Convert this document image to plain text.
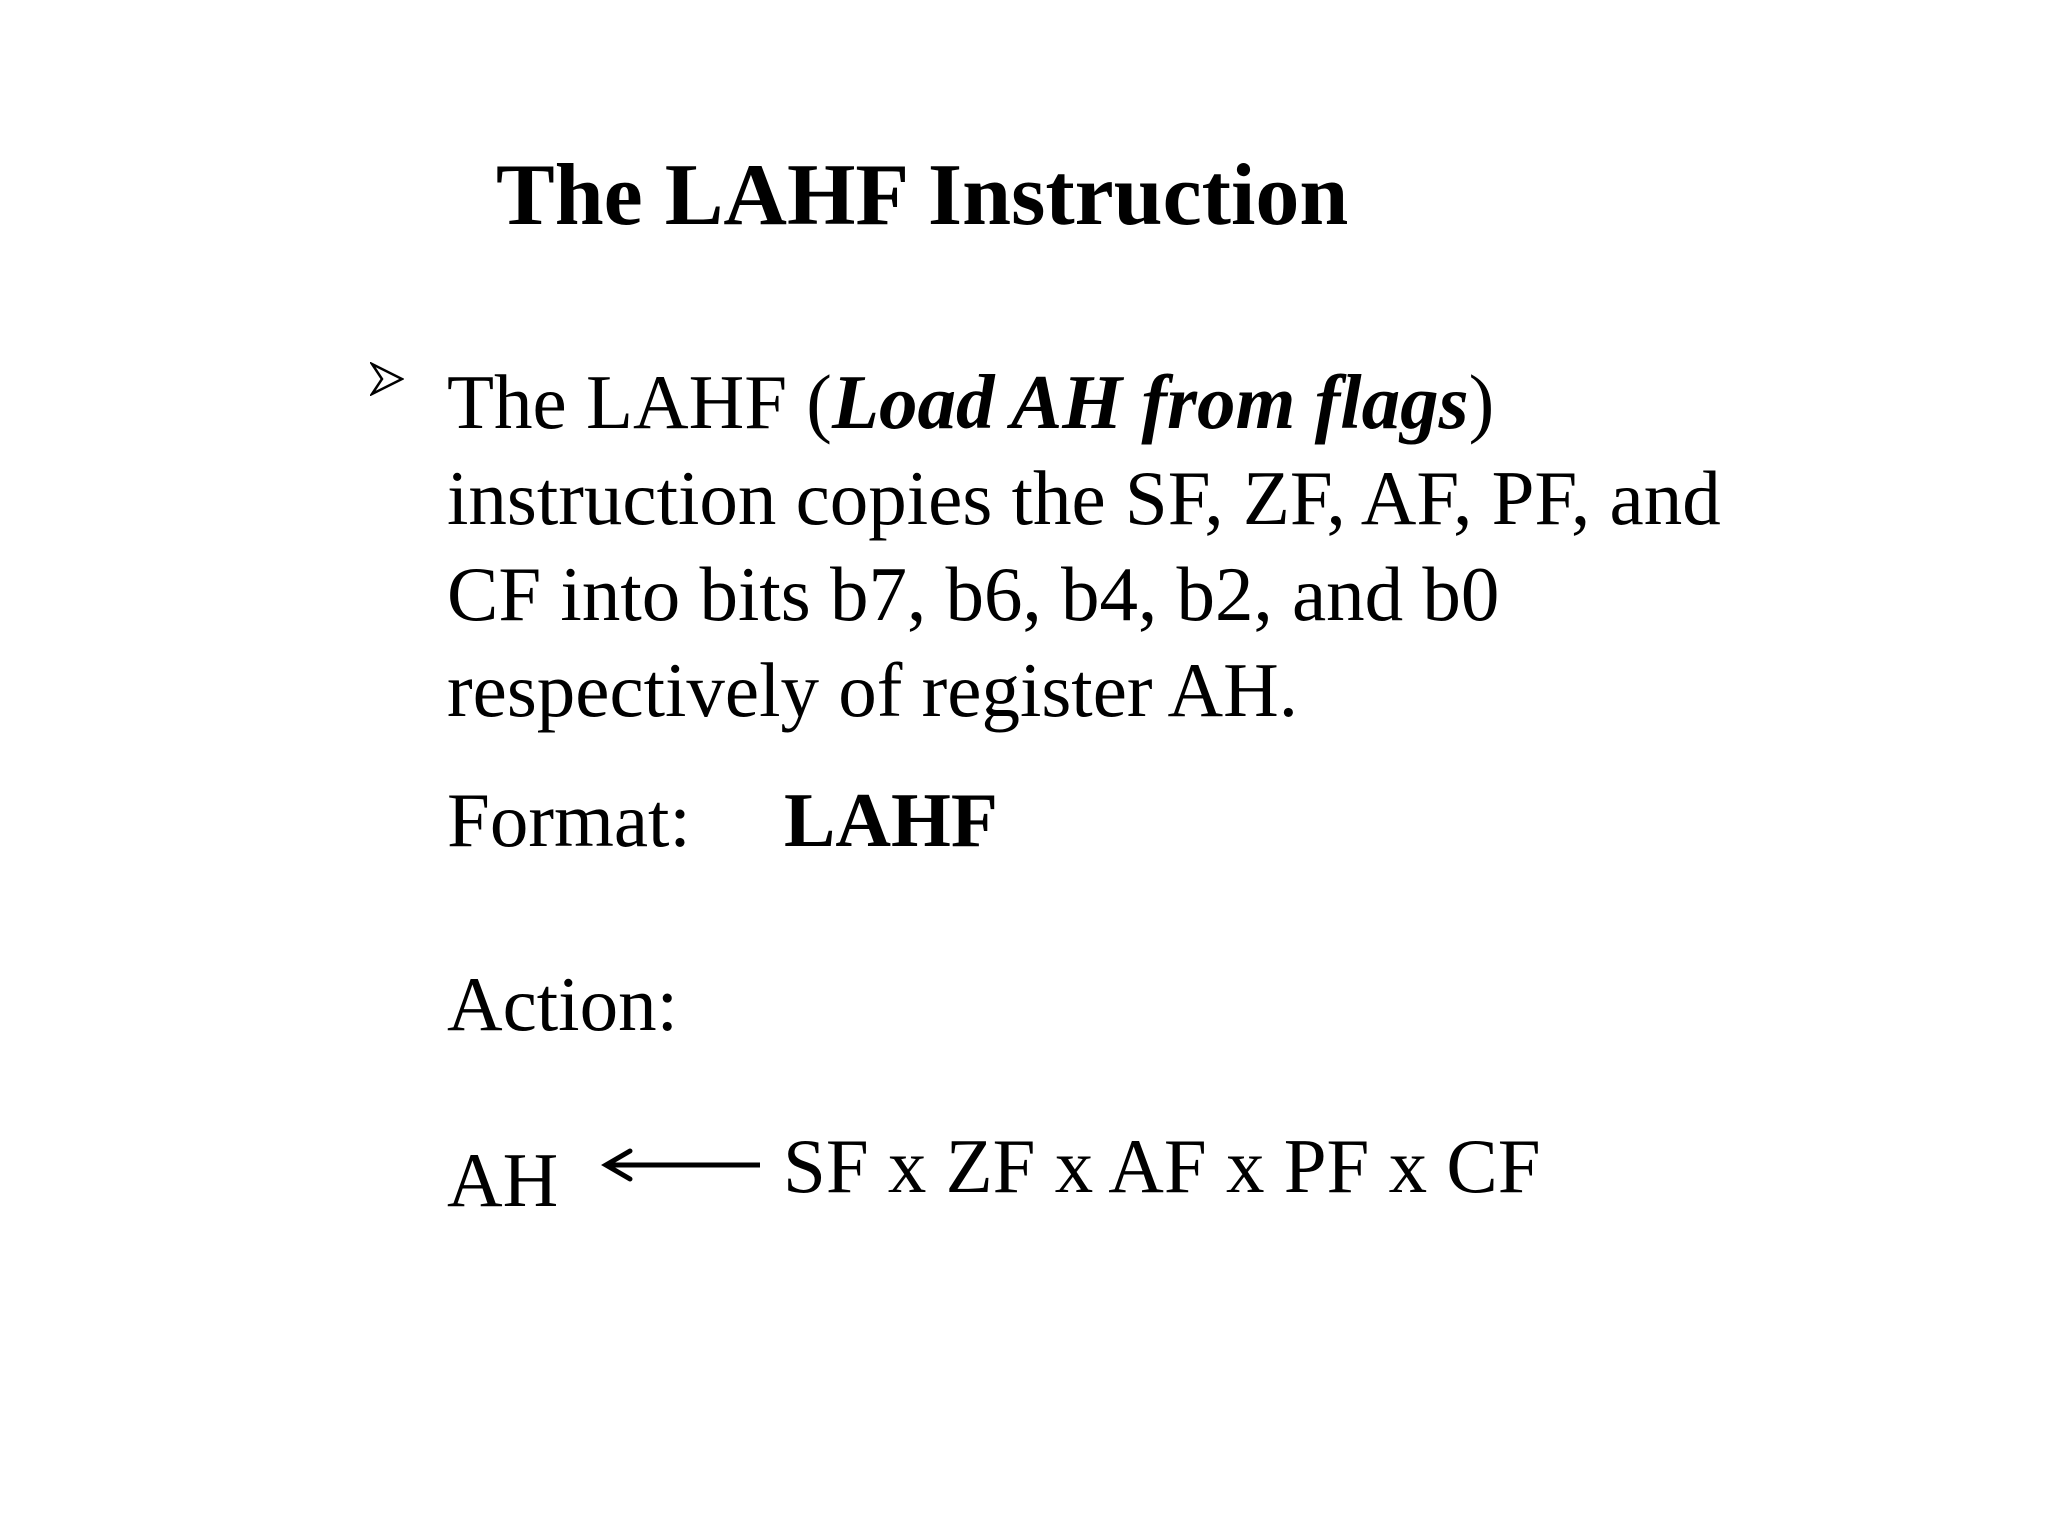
The LAHF Instruction
The LAHF (Load AH from flags)
instruction copies the SF, ZF, AF, PF, and
CF into bits b7, b6, b4, b2, and b0
respectively of register AH.
Format: LAHF
Action:
AH	SF x ZF x AF x PF x CF
